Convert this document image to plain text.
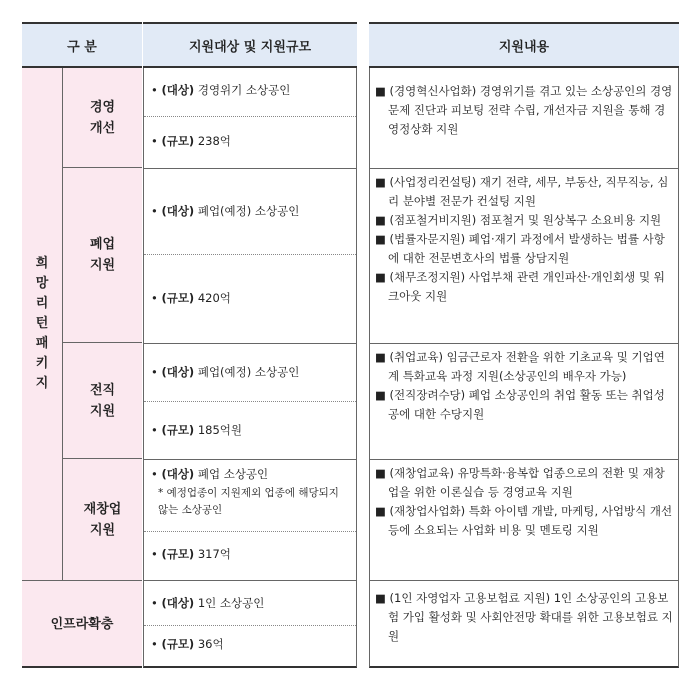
구 분
희
망
리
턴
패
키
지
경영
개선
폐업
지원
전직
지원
재창업
지원
인프라확충
지원대상 및 지원규모
• (대상) 경영위기 소상공인
• (규모) 238억
• (대상) 폐업(예정) 소상공인
• (규모) 420억
• (대상) 폐업(예정) 소상공인
• (규모) 185억원
• (대상) 폐업 소상공인
* 예정업종이 지원제외 업종에 해당되지 않는 소상공인
• (규모) 317억
• (대상) 1인 소상공인
• (규모) 36억
지원내용

■ (경영혁신사업화) 경영위기를 겪고 있는 소상공인의 경영문제 진단과 피보팅 전략 수립, 개선자금 지원을 통해 경영정상화 지원

■ (사업정리컨설팅) 재기 전략, 세무, 부동산, 직무직능, 심리 분야별 전문가 컨설팅 지원

■ (점포철거비지원) 점포철거 및 원상복구 소요비용 지원

■ (법률자문지원) 폐업·재기 과정에서 발생하는 법률 사항에 대한 전문변호사의 법률 상담지원

■ (채무조정지원) 사업부채 관련 개인파산·개인회생 및 워크아웃 지원

■ (취업교육) 임금근로자 전환을 위한 기초교육 및 기업연계 특화교육 과정 지원(소상공인의 배우자 가능)

■ (전직장려수당) 폐업 소상공인의 취업 활동 또는 취업성공에 대한 수당지원

■ (재창업교육) 유망특화·융복합 업종으로의 전환 및 재창업을 위한 이론실습 등 경영교육 지원

■ (재창업사업화) 특화 아이템 개발, 마케팅, 사업방식 개선 등에 소요되는 사업화 비용 및 멘토링 지원

■ (1인 자영업자 고용보험료 지원) 1인 소상공인의 고용보험 가입 활성화 및 사회안전망 확대를 위한 고용보험료 지원
